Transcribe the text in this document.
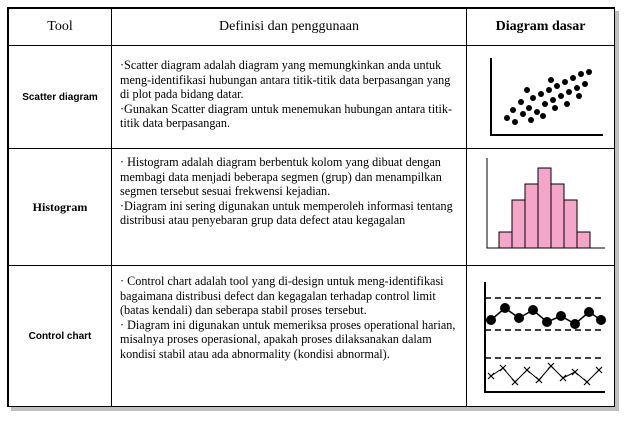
Tool	Definisi dan penggunaan	Diagram dasar
Scatter diagram	·Scatter diagram adalah diagram yang memungkinkan anda untuk meng-identifikasi hubungan antara titik-titik data berpasangan yang di plot pada bidang datar.

·Gunakan Scatter diagram untuk menemukan hubungan antara titik-titik data berpasangan.

Histogram	· Histogram adalah diagram berbentuk kolom yang dibuat dengan membagi data menjadi beberapa segmen (grup) dan menampilkan segmen tersebut sesuai frekwensi kejadian.

·Diagram ini sering digunakan untuk memperoleh informasi tentang distribusi atau penyebaran grup data defect atau kegagalan

Control chart	· Control chart adalah tool yang di-design untuk meng-identifikasi bagaimana distribusi defect dan kegagalan terhadap control limit (batas kendali) dan seberapa stabil proses tersebut.

· Diagram ini digunakan untuk memeriksa proses operational harian, misalnya proses operasional, apakah proses dilaksanakan dalam kondisi stabil atau ada abnormality (kondisi abnormal).
